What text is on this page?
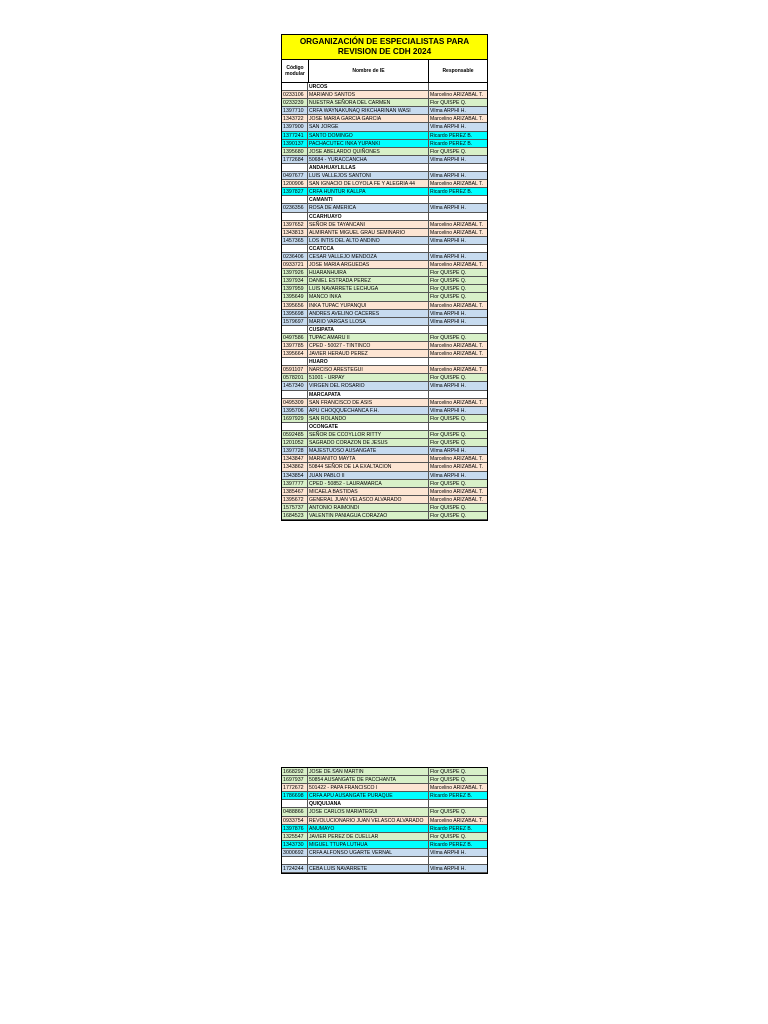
ORGANIZACIÓN DE ESPECIALISTAS PARA REVISION DE CDH 2024
Código modular	Nombre de IE	Responsable
URCOS
0233106	MARIANO SANTOS	Marcelino ARIZABAL T.
0233239	NUESTRA SEÑORA DEL CARMEN	Flor QUISPE Q.
1397710	CRFA WAYNAKUNAQ RIKCHARINAN WASI	Vilma ARPHI H.
1343722	JOSE MARIA GARCIA GARCIA	Marcelino ARIZABAL T.
1397900	SAN JORGE	Vilma ARPHI H.
1377241	SANTO DOMINGO	Ricardo PEREZ B.
1390137	PACHACUTEC INKA YUPANKI	Ricardo PEREZ B.
1395680	JOSE ABELARDO QUIÑONES	Flor QUISPE Q.
1772684	50684 - YURACCANCHA	Vilma ARPHI H.
ANDAHUAYLILLAS
0497677	LUIS VALLEJOS SANTONI	Vilma ARPHI H.
1200906	SAN IGNACIO DE LOYOLA FE Y ALEGRIA 44	Marcelino ARIZABAL T.
1397827	CRFA HUNTUR KALLPA	Ricardo PEREZ B.
CAMANTI
0236356	ROSA DE AMERICA	Vilma ARPHI H.
CCARHUAYO
1397652	SEÑOR DE TAYANCANI	Marcelino ARIZABAL T.
1343813	ALMIRANTE MIGUEL GRAU SEMINARIO	Marcelino ARIZABAL T.
1457365	LOS INTIS DEL ALTO ANDINO	Vilma ARPHI H.
CCATCCA
0236406	CESAR VALLEJO MENDOZA	Vilma ARPHI H.
0933721	JOSE MARIA ARGUEDAS	Marcelino ARIZABAL T.
1397926	HUARANHUIRA	Flor QUISPE Q.
1397934	DANIEL ESTRADA PEREZ	Flor QUISPE Q.
1397959	LUIS NAVARRETE LECHUGA	Flor QUISPE Q.
1395649	MANCO INKA	Flor QUISPE Q.
1395656	INKA TUPAC YUPANQUI	Marcelino ARIZABAL T.
1395698	ANDRES AVELINO CACERES	Vilma ARPHI H.
1579697	MARIO VARGAS LLOSA	Vilma ARPHI H.
CUSIPATA
0497586	TUPAC AMARU II	Flor QUISPE Q.
1397785	CPED - 50027 - TINTINCO	Marcelino ARIZABAL T.
1395664	JAVIER HERAUD PEREZ	Marcelino ARIZABAL T.
HUARO
0591107	NARCISO ARESTEGUI	Marcelino ARIZABAL T.
0578201	51001 - URPAY	Flor QUISPE Q.
1457340	VIRGEN DEL ROSARIO	Vilma ARPHI H.
MARCAPATA
0495309	SAN FRANCISCO DE ASIS	Marcelino ARIZABAL T.
1395706	APU CHOQQUECHANCA F.H.	Vilma ARPHI H.
1697929	SAN ROLANDO	Flor QUISPE Q.
OCONGATE
0592485	SEÑOR DE CCOYLLOR RITTY	Flor QUISPE Q.
1201052	SAGRADO CORAZON DE JESUS	Flor QUISPE Q.
1397728	MAJESTUOSO AUSANGATE	Vilma ARPHI H.
1343847	MARIANITO MAYTA	Marcelino ARIZABAL T.
1343862	50844 SEÑOR DE LA EXALTACION	Marcelino ARIZABAL T.
1343854	JUAN PABLO II	Vilma ARPHI H.
1397777	CPED - 50852 - LAURAMARCA	Flor QUISPE Q.
1385467	MICAELA BASTIDAS	Marcelino ARIZABAL T.
1395672	GENERAL JUAN VELASCO ALVARADO	Marcelino ARIZABAL T.
1575737	ANTONIO RAIMONDI	Flor QUISPE Q.
1684523	VALENTIN PANIAGUA CORAZAO	Flor QUISPE Q.
1668292	JOSE DE SAN MARTIN	Flor QUISPE Q.
1697937	50854 AUSANGATE DE PACCHANTA	Flor QUISPE Q.
1772672	501422 - PAPA FRANCISCO I	Marcelino ARIZABAL T.
1786698	CRFA APU AUSANGATE PURAQUE	Ricardo PEREZ B.
QUIQUIJANA
0488866	JOSE CARLOS MARIATEGUI	Flor QUISPE Q.
0933754	REVOLUCIONARIO JUAN VELASCO ALVARADO	Marcelino ARIZABAL T.
1397876	ANUMAYO	Ricardo PEREZ B.
1325547	JAVIER PEREZ DE CUELLAR	Flor QUISPE Q.
1343730	MIGUEL TTUPA LUTHUA	Ricardo PEREZ B.
3000692	CRFA ALFONSO UGARTE VERNAL	Vilma ARPHI H.
1724244	CEBA LUIS NAVARRETE	Vilma ARPHI H.
